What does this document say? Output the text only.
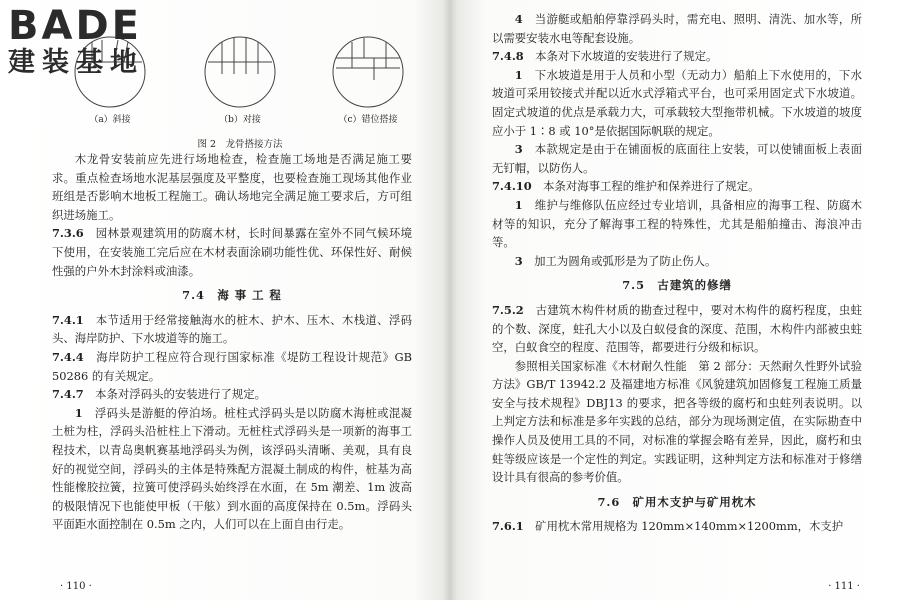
BADE
建装基地
（a）斜接	（b）对接	（c）错位搭接
图 2　龙骨搭接方法

木龙骨安装前应先进行场地检查，检查施工场地是否满足施工要求。重点检查场地水泥基层强度及平整度，也要检查施工现场其他作业班组是否影响木地板工程施工。确认场地完全满足施工要求后，方可组织进场施工。

7.3.6　 园林景观建筑用的防腐木材，长时间暴露在室外不同气候环境下使用，在安装施工完后应在木材表面涂刷功能性优、环保性好、耐候性强的户外木封涂料或油漆。

7.4　海 事 工 程

7.4.1　 本节适用于经常接触海水的桩木、护木、压木、木栈道、浮码头、海岸防护、下水坡道等的施工。

7.4.4　 海岸防护工程应符合现行国家标准《堤防工程设计规范》GB 50286 的有关规定。

7.4.7　 本条对浮码头的安装进行了规定。

1　 浮码头是游艇的停泊场。桩柱式浮码头是以防腐木海桩或混凝土桩为柱，浮码头沿桩柱上下滑动。无桩柱式浮码头是一项新的海事工程技术，以青岛奥帆赛基地浮码头为例，该浮码头清晰、美观，具有良好的视觉空间，浮码头的主体是特殊配方混凝土制成的构件，桩基为高性能橡胶拉簧，拉簧可使浮码头始终浮在水面，在 5m 潮差、1m 波高的极限情况下也能使甲板（干舷）到水面的高度保持在 0.5m。浮码头平面距水面控制在 0.5m 之内，人们可以在上面自由行走。

· 110 ·

4　 当游艇或船舶停靠浮码头时，需充电、照明、清洗、加水等，所以需要安装水电等配套设施。

7.4.8　 本条对下水坡道的安装进行了规定。

1　 下水坡道是用于人员和小型（无动力）船舶上下水使用的，下水坡道可采用铰接式并配以近水式浮箱式平台，也可采用固定式下水坡道。固定式坡道的优点是承载力大，可承载较大型拖带机械。下水坡道的坡度应小于 1∶8 或 10°是依据国际帆联的规定。

3　 本款规定是由于在铺面板的底面往上安装，可以使铺面板上表面无钉帽，以防伤人。

7.4.10　 本条对海事工程的维护和保养进行了规定。

1　 维护与维修队伍应经过专业培训，具备相应的海事工程、防腐木材等的知识，充分了解海事工程的特殊性，尤其是船舶撞击、海浪冲击等。

3　 加工为圆角或弧形是为了防止伤人。

7.5　古建筑的修缮

7.5.2　 古建筑木构件材质的勘查过程中，要对木构件的腐朽程度，虫蛀的个数、深度，蛀孔大小以及白蚁侵食的深度、范围，木构件内部被虫蛀空，白蚁食空的程度、范围等，都要进行分级和标识。

参照相关国家标准《木材耐久性能　第 2 部分：天然耐久性野外试验方法》GB/T 13942.2 及福建地方标准《风貌建筑加固修复工程施工质量安全与技术规程》DBJ13 的要求，把各等级的腐朽和虫蛀列表说明。以上判定方法和标准是多年实践的总结，部分为现场测定值，在实际勘查中操作人员及使用工具的不同，对标准的掌握会略有差异，因此，腐朽和虫蛀等级应该是一个定性的判定。实践证明，这种判定方法和标准对于修缮设计具有很高的参考价值。

7.6　矿用木支护与矿用枕木

7.6.1　 矿用枕木常用规格为 120mm×140mm×1200mm，木支护

· 111 ·
